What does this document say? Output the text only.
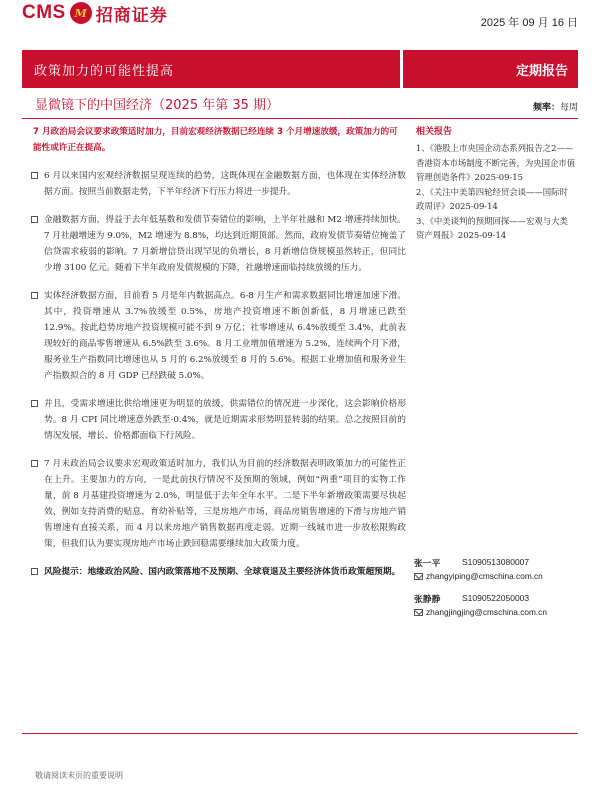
CMS M 招商证券	2025 年 09 月 16 日
政策加力的可能性提高	定期报告
显微镜下的中国经济（2025 年第 35 期）	频率：每周
7 月政治局会议要求政策适时加力，目前宏观经济数据已经连续 3 个月增速放缓，政策加力的可能性或许正在提高。
6 月以来国内宏观经济数据呈现连续的趋势，这既体现在金融数据方面，也体现在实体经济数据方面。按照当前数据走势，下半年经济下行压力将进一步提升。
金融数据方面，得益于去年低基数和发债节奏错位的影响，上半年社融和 M2 增速持续加快。7 月社融增速为 9.0%，M2 增速为 8.8%，均达到近期顶部。然而，政府发债节奏错位掩盖了信贷需求疲弱的影响。7 月新增信贷出现罕见的负增长，8 月新增信贷规模虽然转正，但同比少增 3100 亿元。随着下半年政府发债规模的下降，社融增速面临持续放缓的压力。
实体经济数据方面，目前看 5 月是年内数据高点。6-8 月生产和需求数据同比增速加速下滑。其中，投资增速从 3.7%放缓至 0.5%，房地产投资增速不断创新低，8 月增速已跌至 12.9%。按此趋势房地产投资规模可能不到 9 万亿；社零增速从 6.4%放缓至 3.4%，此前表现较好的商品零售增速从 6.5%跌至 3.6%。8 月工业增加值增速为 5.2%，连续两个月下滑，服务业生产指数同比增速也从 5 月的 6.2%放缓至 8 月的 5.6%。根据工业增加值和服务业生产指数拟合的 8 月 GDP 已经跌破 5.0%。
并且，受需求增速比供给增速更为明显的放缓，供需错位的情况进一步深化，这会影响价格形势。8 月 CPI 同比增速意外跌至-0.4%，就是近期需求形势明显转弱的结果。总之按照目前的情况发展，增长、价格都面临下行风险。
7 月末政治局会议要求宏观政策适时加力，我们认为目前的经济数据表明政策加力的可能性正在上升。主要加力的方向，一是此前执行情况不及预期的领域，例如“两重”项目的实物工作量，前 8 月基建投资增速为 2.0%，明显低于去年全年水平。二是下半年新增政策需要尽快起效，例如支持消费的贴息、育幼补贴等，三是房地产市场，商品房销售增速的下滑与房地产销售增速有直接关系，而 4 月以来房地产销售数据再度走弱。近期一线城市进一步放松限购政策，但我们认为要实现房地产市场止跌回稳需要继续加大政策力度。
风险提示：地缘政治风险、国内政策落地不及预期、全球衰退及主要经济体货币政策超预期。
相关报告
1、《港股上市央国企动态系列报告之2——香港资本市场制度不断完善，为央国企市值管理创造条件》2025-09-15
2、《关注中美第四轮经贸会谈——国际时政周评》2025-09-14
3、《中美谈判的预期回探——宏观与大类资产周报》2025-09-14
张一平	S1090513080007
zhangyiping@cmschina.com.cn
张静静	S1090522050003
zhangjingjing@cmschina.com.cn
敬请阅读末页的重要说明
